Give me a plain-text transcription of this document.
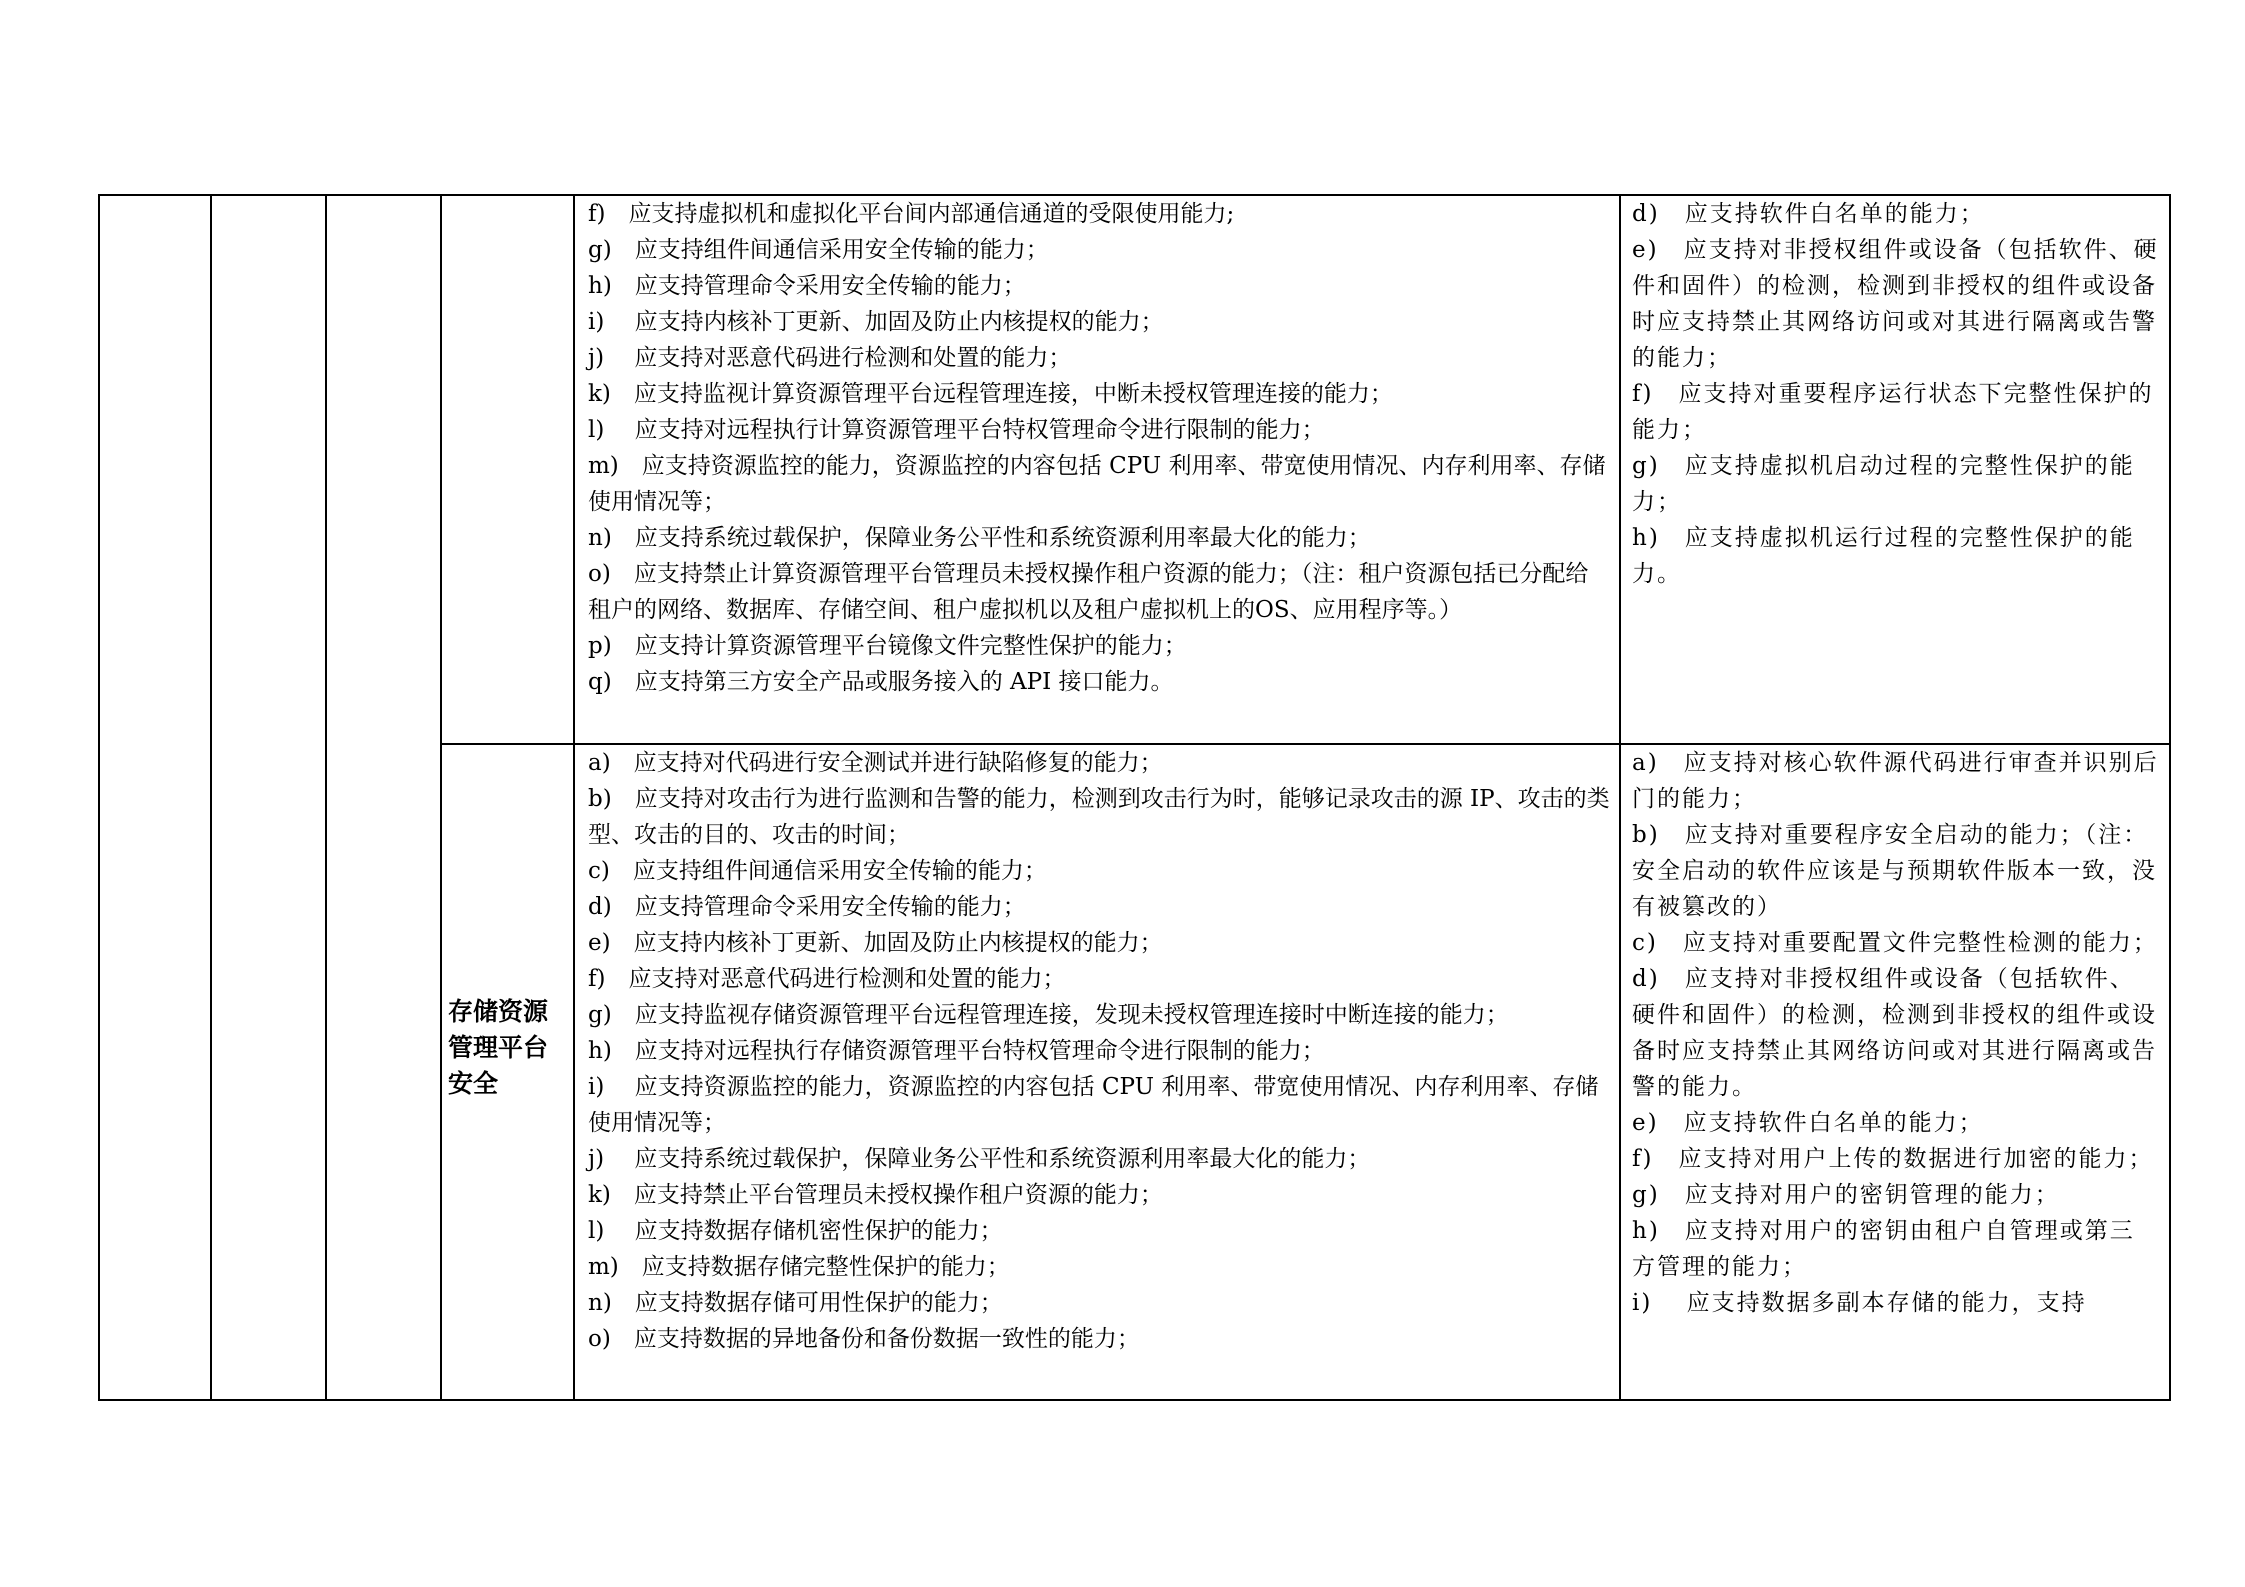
f)　应支持虚拟机和虚拟化平台间内部通信通道的受限使用能力;

g)　应支持组件间通信采用安全传输的能力；

h)　应支持管理命令采用安全传输的能力；

i)　 应支持内核补丁更新、加固及防止内核提权的能力；

j)　 应支持对恶意代码进行检测和处置的能力；

k)　应支持监视计算资源管理平台远程管理连接，中断未授权管理连接的能力；

l)　 应支持对远程执行计算资源管理平台特权管理命令进行限制的能力；

m)　应支持资源监控的能力，资源监控的内容包括 CPU 利用率、带宽使用情况、内存利用率、存储使用情况等；

n)　应支持系统过载保护，保障业务公平性和系统资源利用率最大化的能力；

o)　应支持禁止计算资源管理平台管理员未授权操作租户资源的能力；（注：租户资源包括已分配给租户的网络、数据库、存储空间、租户虚拟机以及租户虚拟机上的OS、应用程序等。）

p)　应支持计算资源管理平台镜像文件完整性保护的能力；

q)　应支持第三方安全产品或服务接入的 API 接口能力。

d)　应支持软件白名单的能力；

e)　应支持对非授权组件或设备（包括软件、硬件和固件）的检测，检测到非授权的组件或设备时应支持禁止其网络访问或对其进行隔离或告警的能力；

f)　应支持对重要程序运行状态下完整性保护的能力；

g)　应支持虚拟机启动过程的完整性保护的能力；

h)　应支持虚拟机运行过程的完整性保护的能力。

存储资源管理平台安全

a)　应支持对代码进行安全测试并进行缺陷修复的能力；

b)　应支持对攻击行为进行监测和告警的能力，检测到攻击行为时，能够记录攻击的源 IP、攻击的类型、攻击的目的、攻击的时间；

c)　应支持组件间通信采用安全传输的能力；

d)　应支持管理命令采用安全传输的能力；

e)　应支持内核补丁更新、加固及防止内核提权的能力；

f)　应支持对恶意代码进行检测和处置的能力；

g)　应支持监视存储资源管理平台远程管理连接，发现未授权管理连接时中断连接的能力；

h)　应支持对远程执行存储资源管理平台特权管理命令进行限制的能力；

i)　 应支持资源监控的能力，资源监控的内容包括 CPU 利用率、带宽使用情况、内存利用率、存储使用情况等；

j)　 应支持系统过载保护，保障业务公平性和系统资源利用率最大化的能力；

k)　应支持禁止平台管理员未授权操作租户资源的能力；

l)　 应支持数据存储机密性保护的能力；

m)　应支持数据存储完整性保护的能力；

n)　应支持数据存储可用性保护的能力；

o)　应支持数据的异地备份和备份数据一致性的能力；

a)　应支持对核心软件源代码进行审查并识别后门的能力；

b)　应支持对重要程序安全启动的能力；（注：安全启动的软件应该是与预期软件版本一致，没有被篡改的）

c)　应支持对重要配置文件完整性检测的能力；

d)　应支持对非授权组件或设备（包括软件、硬件和固件）的检测，检测到非授权的组件或设备时应支持禁止其网络访问或对其进行隔离或告警的能力。

e)　应支持软件白名单的能力；

f)　应支持对用户上传的数据进行加密的能力；

g)　应支持对用户的密钥管理的能力；

h)　应支持对用户的密钥由租户自管理或第三方管理的能力；

i)　 应支持数据多副本存储的能力，支持
